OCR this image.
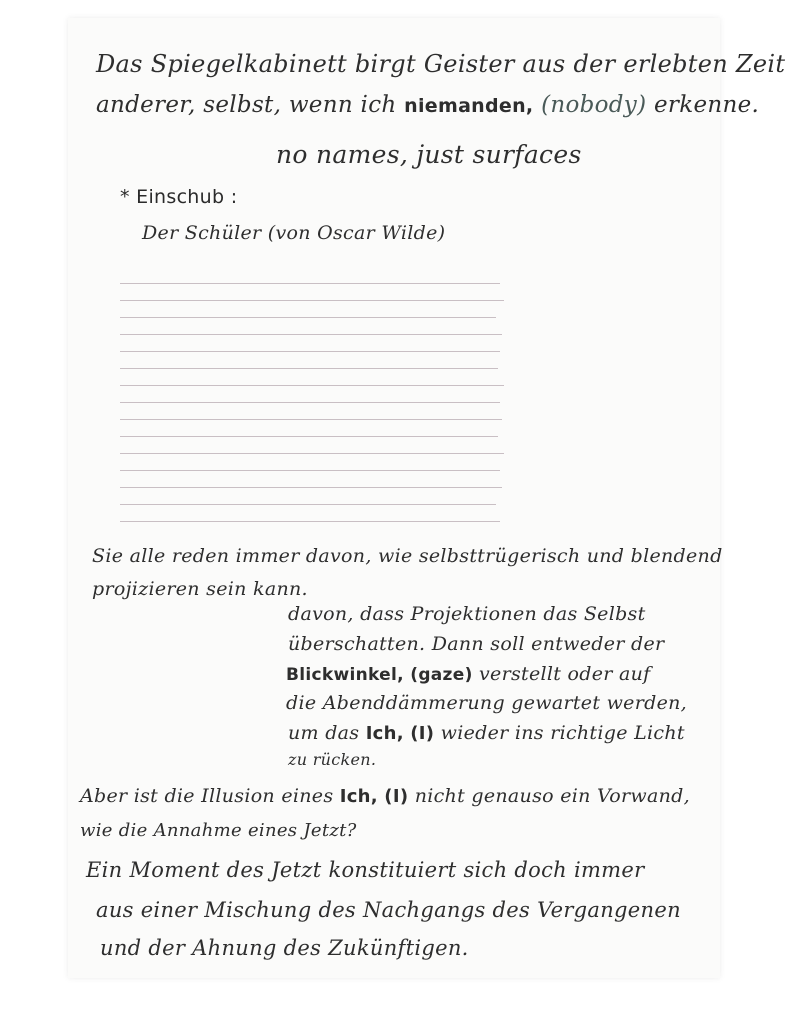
Das Spiegelkabinett birgt Geister aus der erlebten Zeit
anderer, selbst, wenn ich niemanden, (nobody) erkenne.
no names, just surfaces
* Einschub :
Der Schüler (von Oscar Wilde)
Sie alle reden immer davon, wie selbsttrügerisch und blendend
projizieren sein kann.
davon, dass Projektionen das Selbst
überschatten. Dann soll entweder der
Blickwinkel, (gaze) verstellt oder auf
die Abenddämmerung gewartet werden,
um das Ich, (I) wieder ins richtige Licht
zu rücken.
Aber ist die Illusion eines Ich, (I) nicht genauso ein Vorwand,
wie die Annahme eines Jetzt?
Ein Moment des Jetzt konstituiert sich doch immer
aus einer Mischung des Nachgangs des Vergangenen
und der Ahnung des Zukünftigen.
